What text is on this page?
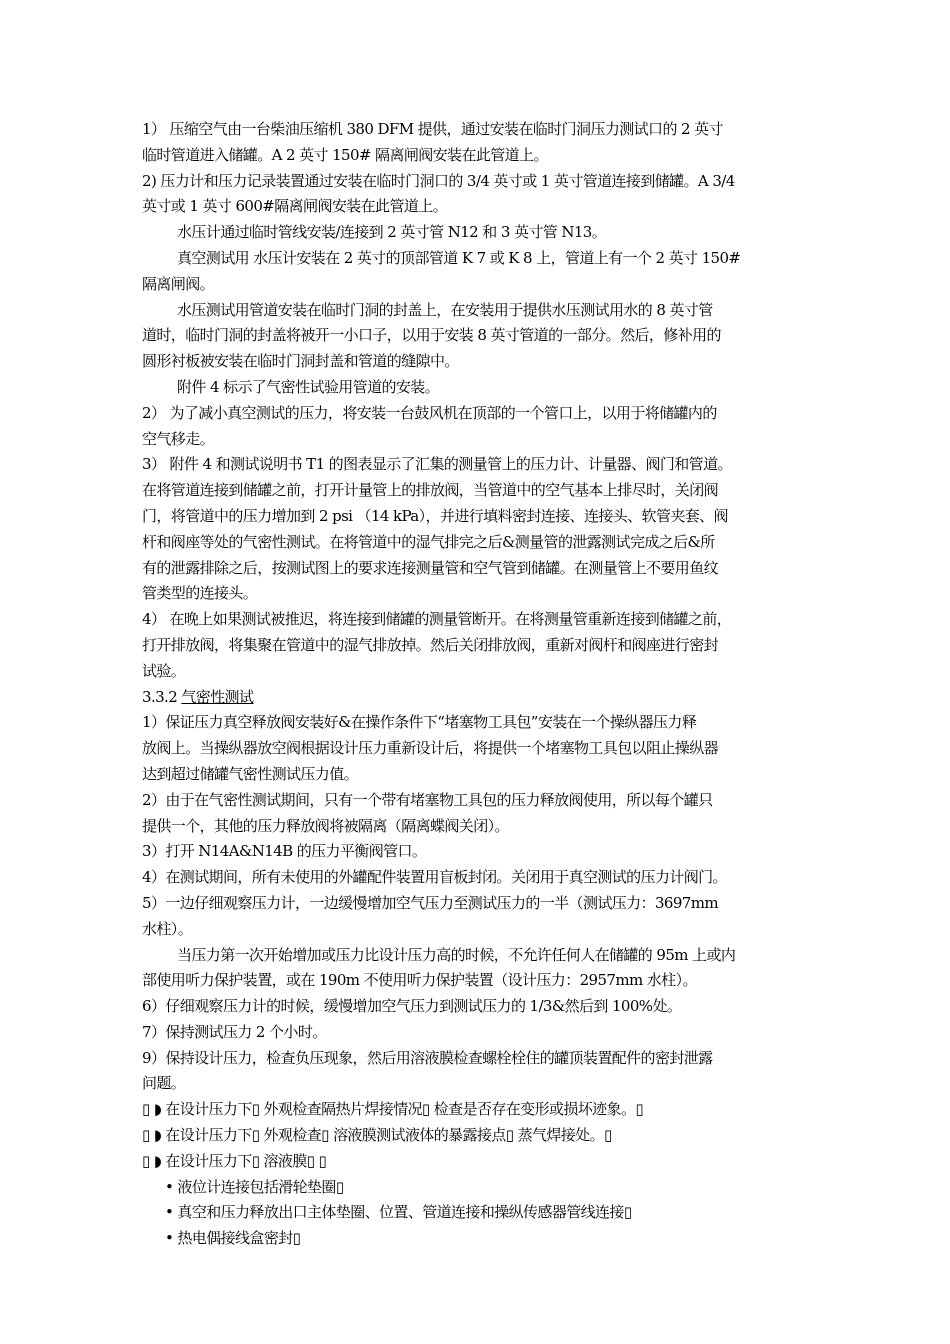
1） 压缩空气由一台柴油压缩机 380 DFM 提供，通过安装在临时门洞压力测试口的 2 英寸
临时管道进入储罐。A 2 英寸 150# 隔离闸阀安装在此管道上。
2) 压力计和压力记录装置通过安装在临时门洞口的 3/4 英寸或 1 英寸管道连接到储罐。A 3/4
英寸或 1 英寸 600#隔离闸阀安装在此管道上。
水压计通过临时管线安装/连接到 2 英寸管 N12 和 3 英寸管 N13。
真空测试用 水压计安装在 2 英寸的顶部管道 K 7 或 K 8 上，管道上有一个 2 英寸 150#
隔离闸阀。
水压测试用管道安装在临时门洞的封盖上，在安装用于提供水压测试用水的 8 英寸管
道时，临时门洞的封盖将被开一小口子，以用于安装 8 英寸管道的一部分。然后，修补用的
圆形衬板被安装在临时门洞封盖和管道的缝隙中。
附件 4 标示了气密性试验用管道的安装。
2） 为了减小真空测试的压力，将安装一台鼓风机在顶部的一个管口上，以用于将储罐内的
空气移走。
3） 附件 4 和测试说明书 T1 的图表显示了汇集的测量管上的压力计、计量器、阀门和管道。
在将管道连接到储罐之前，打开计量管上的排放阀，当管道中的空气基本上排尽时，关闭阀
门，将管道中的压力增加到 2 psi （14 kPa），并进行填料密封连接、连接头、软管夹套、阀
杆和阀座等处的气密性测试。在将管道中的湿气排完之后&测量管的泄露测试完成之后&所
有的泄露排除之后，按测试图上的要求连接测量管和空气管到储罐。在测量管上不要用鱼纹
管类型的连接头。
4） 在晚上如果测试被推迟，将连接到储罐的测量管断开。在将测量管重新连接到储罐之前，
打开排放阀，将集聚在管道中的湿气排放掉。然后关闭排放阀，重新对阀杆和阀座进行密封
试验。
3.3.2 气密性测试
1）保证压力真空释放阀安装好&在操作条件下“堵塞物工具包”安装在一个操纵器压力释
放阀上。当操纵器放空阀根据设计压力重新设计后，将提供一个堵塞物工具包以阻止操纵器
达到超过储罐气密性测试压力值。
2）由于在气密性测试期间，只有一个带有堵塞物工具包的压力释放阀使用，所以每个罐只
提供一个，其他的压力释放阀将被隔离（隔离蝶阀关闭）。
3）打开 N14A&N14B 的压力平衡阀管口。
4）在测试期间，所有未使用的外罐配件装置用盲板封闭。关闭用于真空测试的压力计阀门。
5）一边仔细观察压力计，一边缓慢增加空气压力至测试压力的一半（测试压力：3697mm
水柱）。
当压力第一次开始增加或压力比设计压力高的时候，不允许任何人在储罐的 95m 上或内
部使用听力保护装置，或在 190m 不使用听力保护装置（设计压力：2957mm 水柱）。
6）仔细观察压力计的时候，缓慢增加空气压力到测试压力的 1/3&然后到 100%处。
7）保持测试压力 2 个小时。
9）保持设计压力，检查负压现象，然后用溶液膜检查螺栓栓住的罐顶装置配件的密封泄露
问题。
▯ ◗ 在设计压力下▯ 外观检查隔热片焊接情况▯ 检查是否存在变形或损坏迹象。▯
▯ ◗ 在设计压力下▯ 外观检查▯ 溶液膜测试液体的暴露接点▯ 蒸气焊接处。▯
▯ ◗ 在设计压力下▯ 溶液膜▯ ▯
• 液位计连接包括滑轮垫圈▯
• 真空和压力释放出口主体垫圈、位置、管道连接和操纵传感器管线连接▯
• 热电偶接线盒密封▯
